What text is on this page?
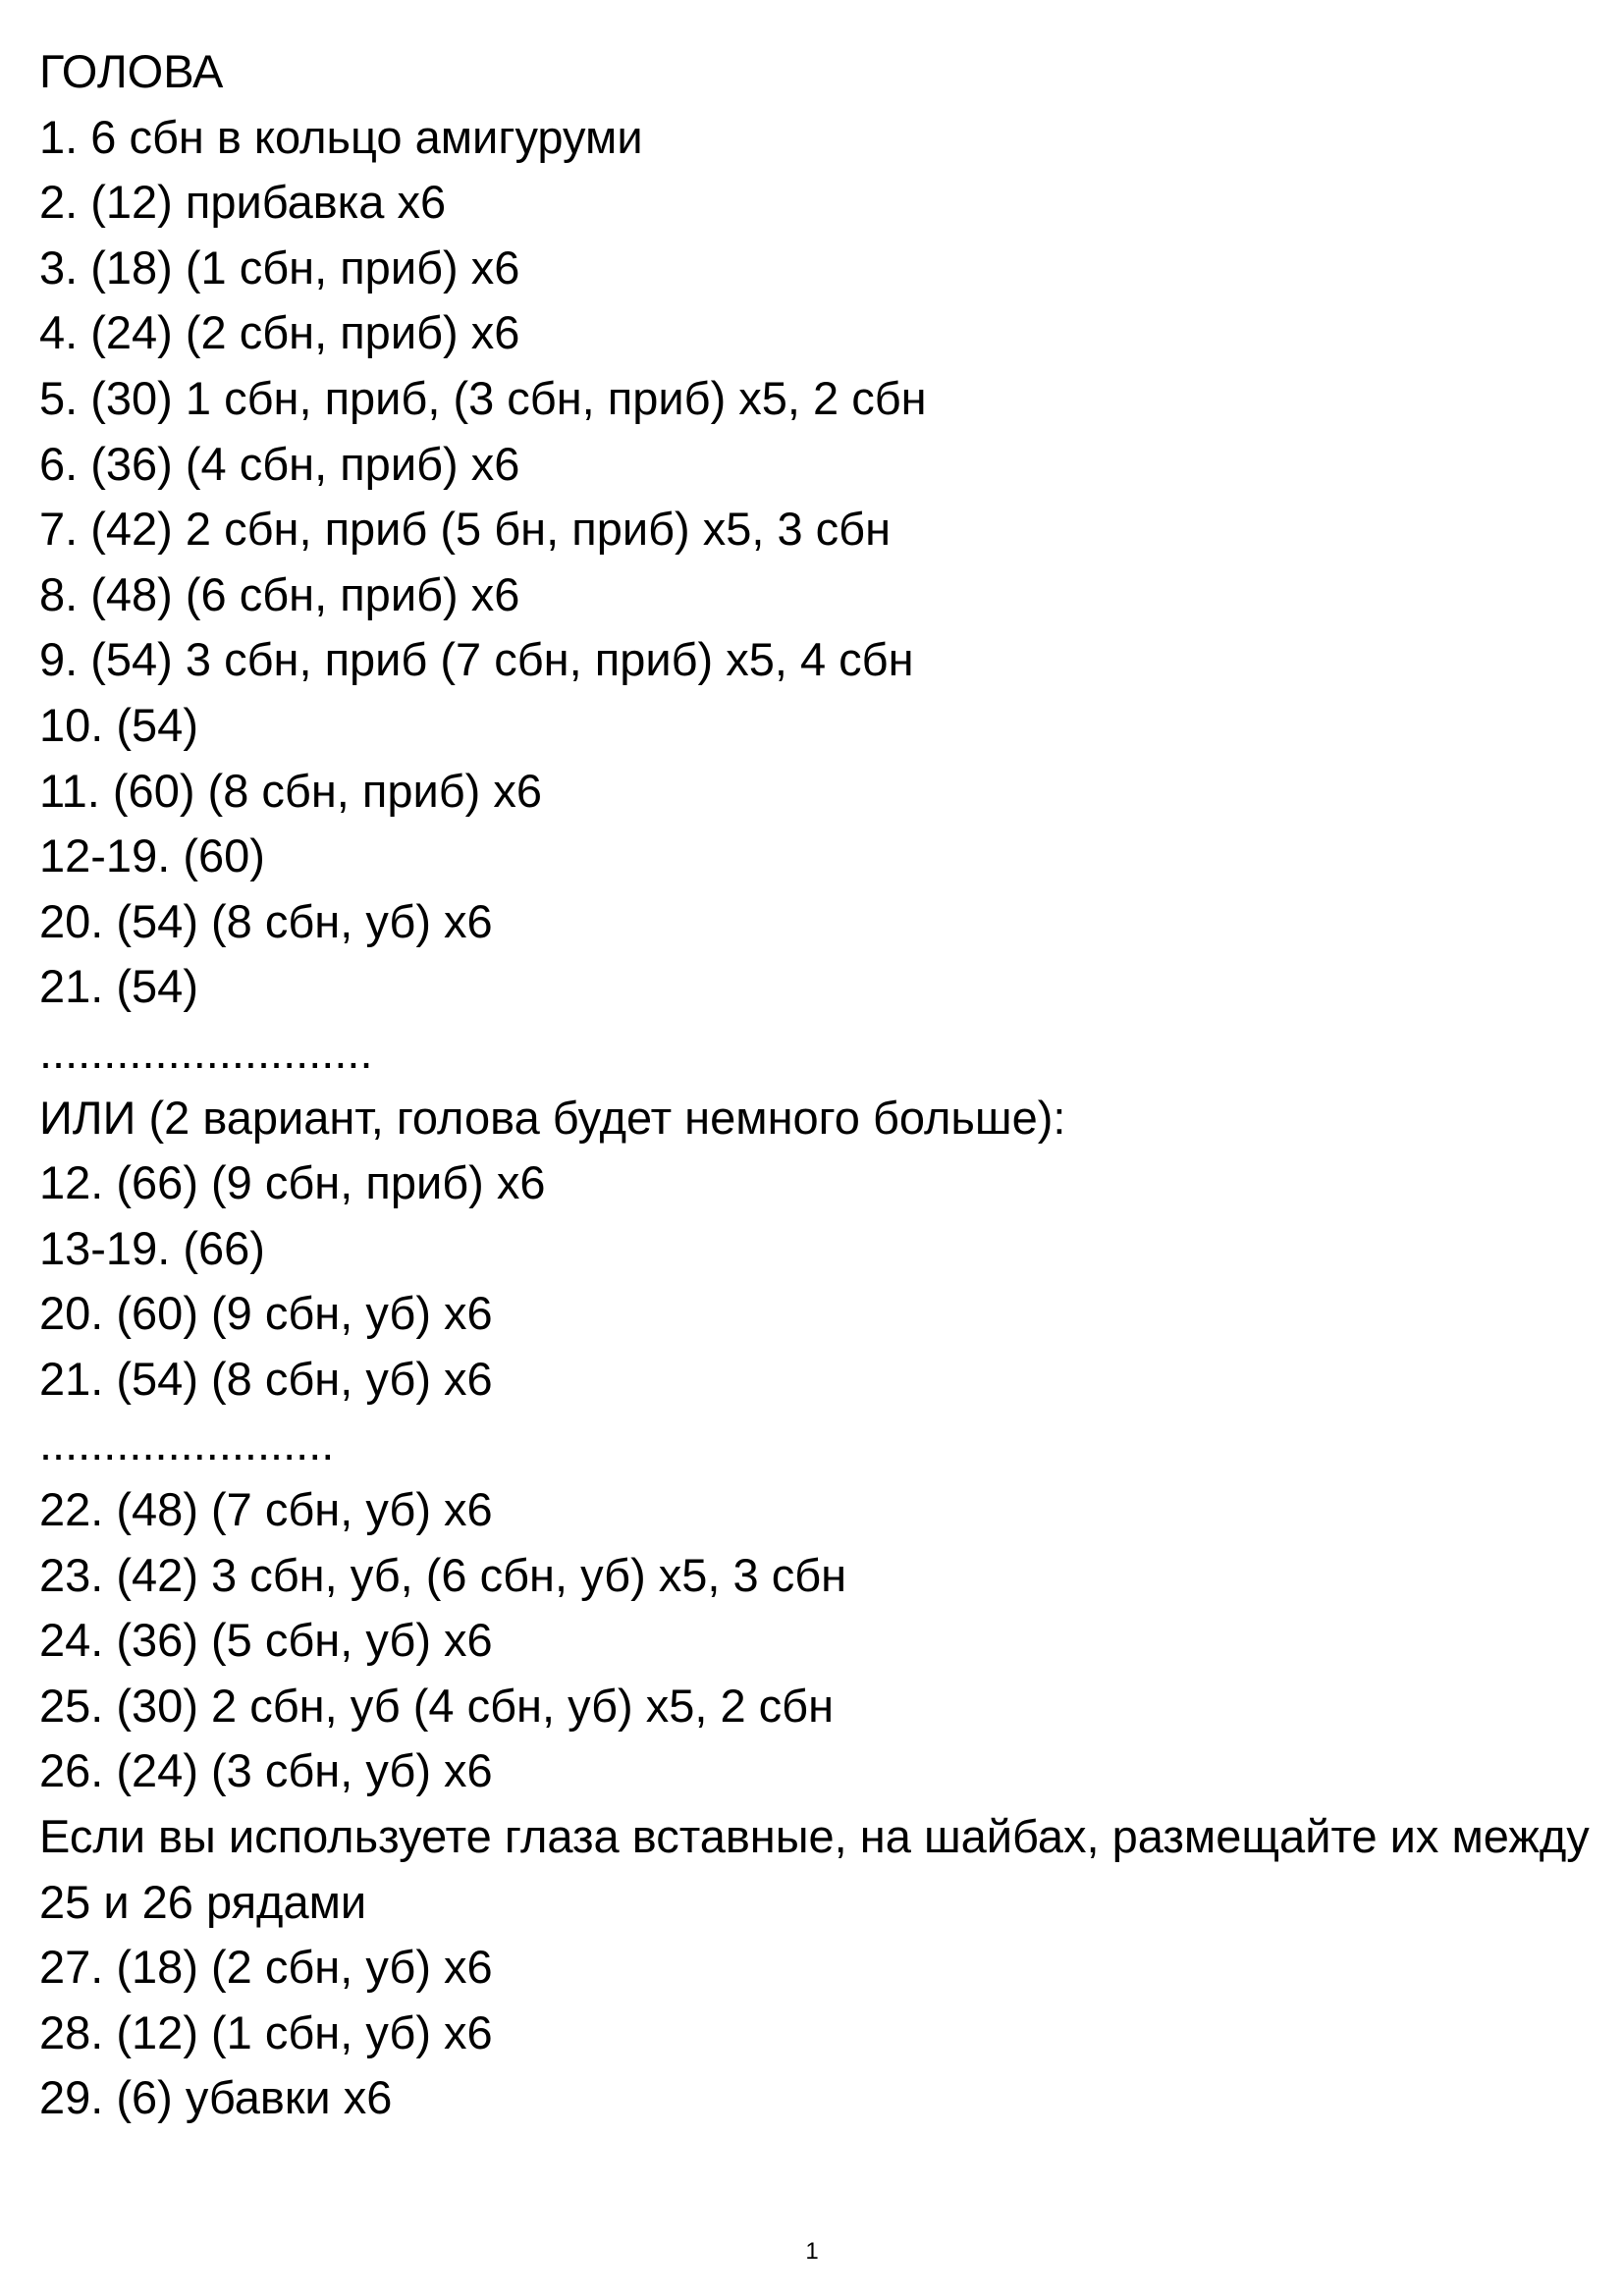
ГОЛОВА
1. 6 сбн в кольцо амигуруми
2. (12) прибавка x6
3. (18) (1 сбн, приб) x6
4. (24) (2 сбн, приб) x6
5. (30) 1 сбн, приб, (3 сбн, приб) x5, 2 сбн
6. (36) (4 сбн, приб) x6
7. (42) 2 сбн, приб (5 бн, приб) x5, 3 сбн
8. (48) (6 сбн, приб) x6
9. (54) 3 сбн, приб (7 сбн, приб) x5, 4 сбн
10. (54)
11. (60) (8 сбн, приб) x6
12-19. (60)
20. (54) (8 сбн, уб) x6
21. (54)
..........................
ИЛИ (2 вариант, голова будет немного больше):
12. (66) (9 сбн, приб) x6
13-19. (66)
20. (60) (9 сбн, уб) x6
21. (54) (8 сбн, уб) x6
.......................
22. (48) (7 сбн, уб) x6
23. (42) 3 сбн, уб, (6 сбн, уб) x5, 3 сбн
24. (36) (5 сбн, уб) x6
25. (30) 2 сбн, уб (4 сбн, уб) x5, 2 сбн
26. (24) (3 сбн, уб) x6
Если вы используете глаза вставные, на шайбах, размещайте их между 25 и 26 рядами
27. (18) (2 сбн, уб) x6
28. (12) (1 сбн, уб) x6
29. (6) убавки x6
1
